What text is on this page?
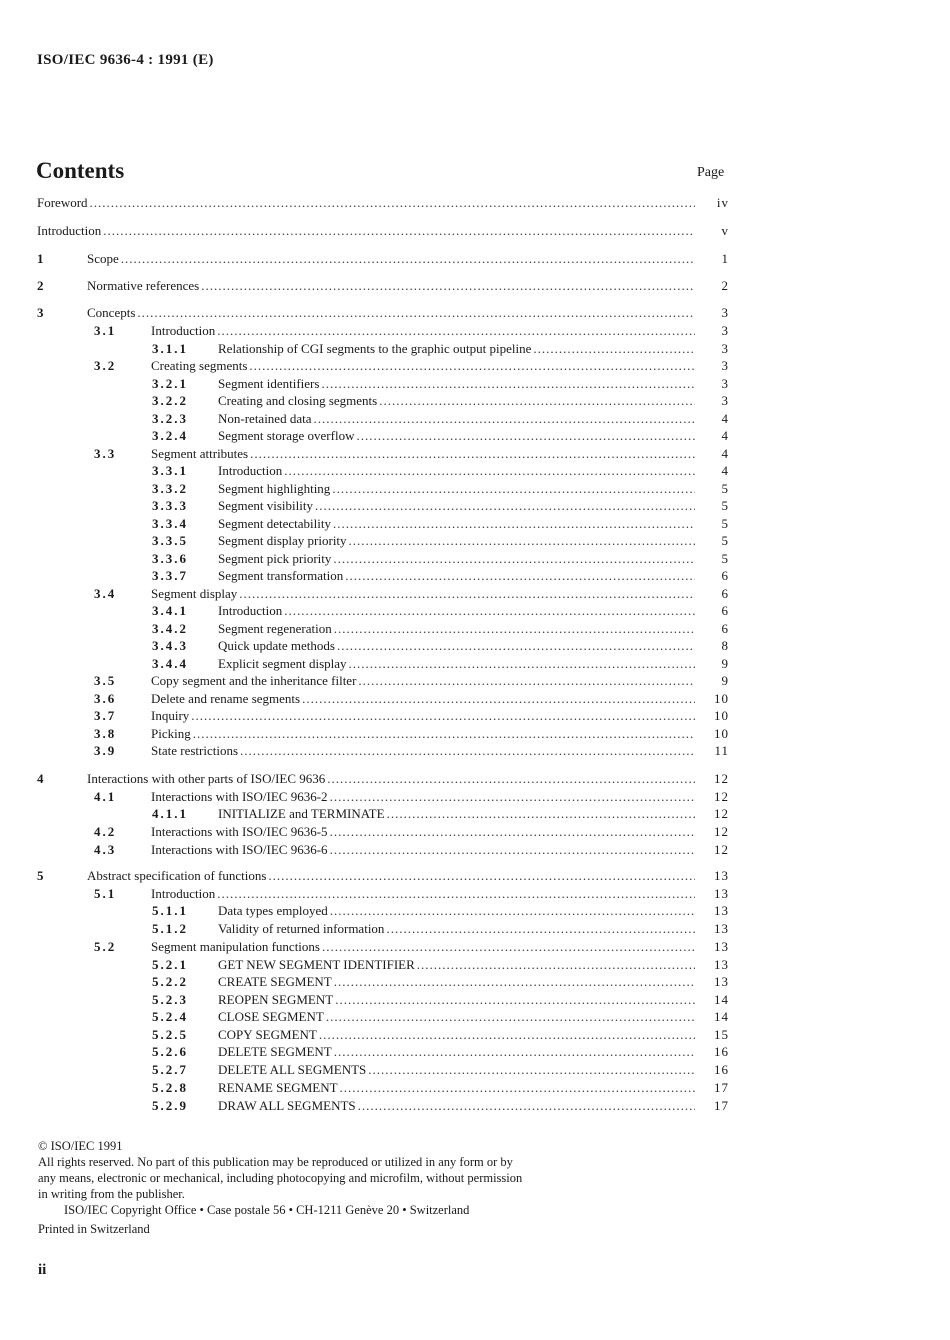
ISO/IEC 9636-4 : 1991 (E)
Contents	Page
Foreword .....	iv
Introduction .....	v
1	Scope .....	1
2	Normative references .....	2
3	Concepts .....	3
3.1	Introduction .....	3
3.1.1 Relationship of CGI segments to the graphic output pipeline .....	3
3.2	Creating segments .....	3
3.2.1 Segment identifiers .....	3
3.2.2 Creating and closing segments .....	3
3.2.3 Non-retained data .....	4
3.2.4 Segment storage overflow .....	4
3.3	Segment attributes .....	4
3.3.1 Introduction .....	4
3.3.2 Segment highlighting .....	5
3.3.3 Segment visibility .....	5
3.3.4 Segment detectability .....	5
3.3.5 Segment display priority .....	5
3.3.6 Segment pick priority .....	5
3.3.7 Segment transformation .....	6
3.4	Segment display .....	6
3.4.1 Introduction .....	6
3.4.2 Segment regeneration .....	6
3.4.3 Quick update methods .....	8
3.4.4 Explicit segment display .....	9
3.5	Copy segment and the inheritance filter .....	9
3.6	Delete and rename segments .....	10
3.7	Inquiry .....	10
3.8	Picking .....	10
3.9	State restrictions .....	11
4	Interactions with other parts of ISO/IEC 9636 .....	12
4.1	Interactions with ISO/IEC 9636-2 .....	12
4.1.1 INITIALIZE and TERMINATE .....	12
4.2	Interactions with ISO/IEC 9636-5 .....	12
4.3	Interactions with ISO/IEC 9636-6 .....	12
5	Abstract specification of functions .....	13
5.1	Introduction .....	13
5.1.1 Data types employed .....	13
5.1.2 Validity of returned information .....	13
5.2	Segment manipulation functions .....	13
5.2.1 GET NEW SEGMENT IDENTIFIER .....	13
5.2.2 CREATE SEGMENT .....	13
5.2.3 REOPEN SEGMENT .....	14
5.2.4 CLOSE SEGMENT .....	14
5.2.5 COPY SEGMENT .....	15
5.2.6 DELETE SEGMENT .....	16
5.2.7 DELETE ALL SEGMENTS .....	16
5.2.8 RENAME SEGMENT .....	17
5.2.9 DRAW ALL SEGMENTS .....	17

© ISO/IEC 1991

All rights reserved. No part of this publication may be reproduced or utilized in any form or by

any means, electronic or mechanical, including photocopying and microfilm, without permission

in writing from the publisher.

ISO/IEC Copyright Office • Case postale 56 • CH-1211 Genève 20 • Switzerland

Printed in Switzerland

ii
